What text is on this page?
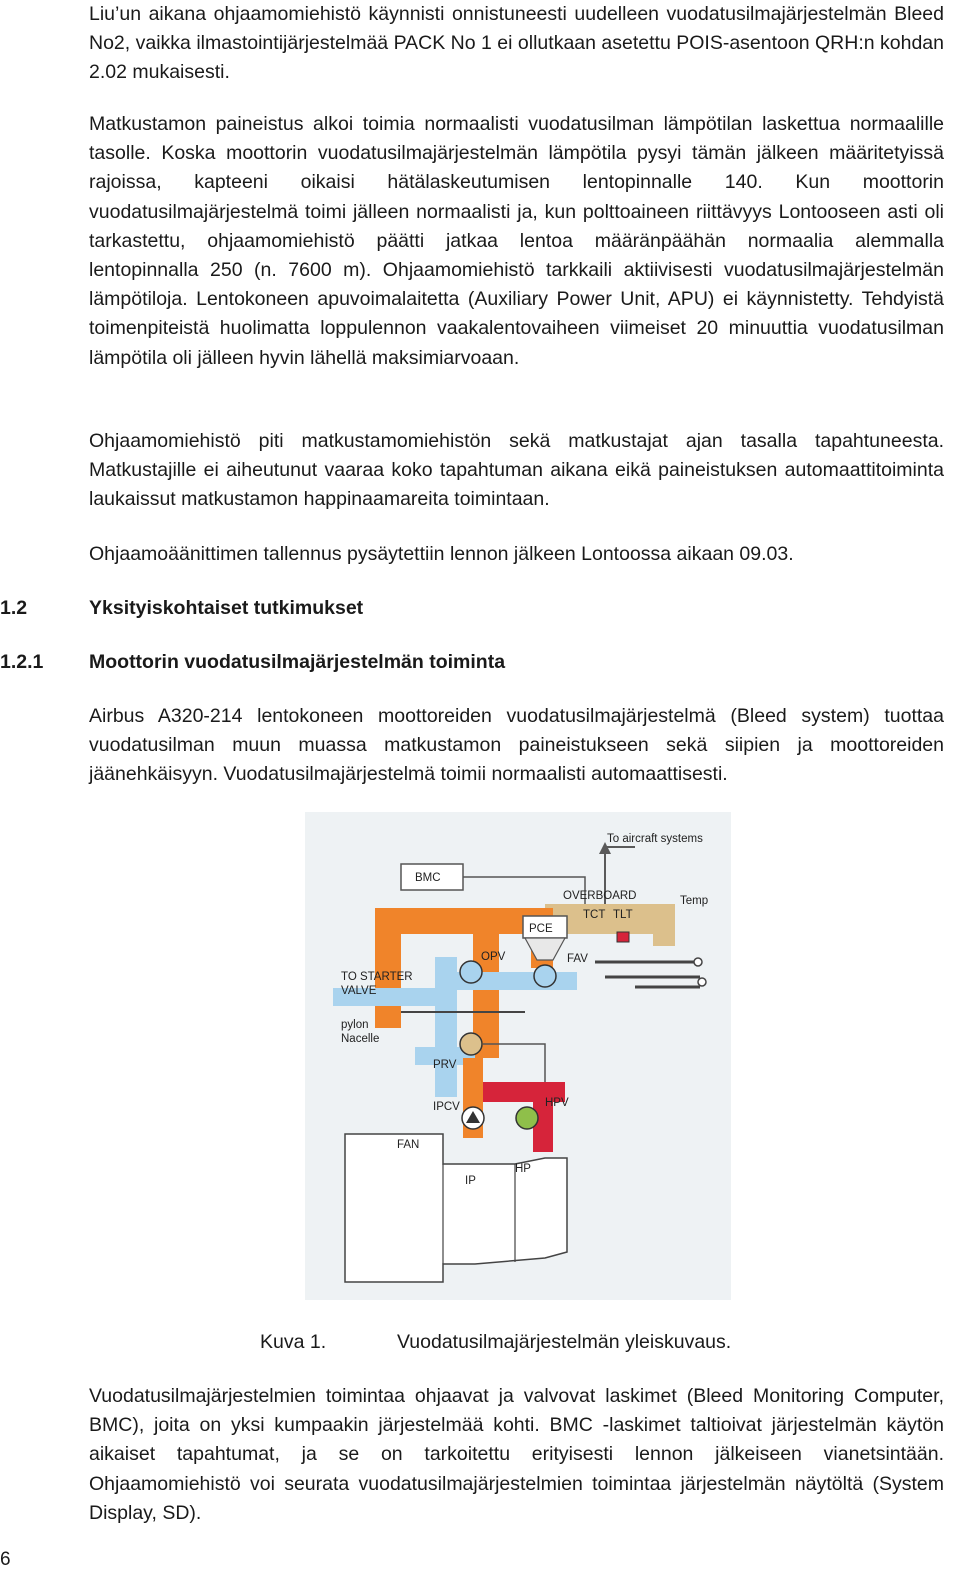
Liu’un aikana ohjaamomiehistö käynnisti onnistuneesti uudelleen vuodatusilmajärjestelmän Bleed No2, vaikka ilmastointijärjestelmää PACK No 1 ei ollutkaan asetettu POIS-asentoon QRH:n kohdan 2.02 mukaisesti.

Matkustamon paineistus alkoi toimia normaalisti vuodatusilman lämpötilan laskettua normaalille tasolle. Koska moottorin vuodatusilmajärjestelmän lämpötila pysyi tämän jälkeen määritetyissä rajoissa, kapteeni oikaisi hätälaskeutumisen lentopinnalle 140. Kun moottorin vuodatusilmajärjestelmä toimi jälleen normaalisti ja, kun polttoaineen riittävyys Lontooseen asti oli tarkastettu, ohjaamomiehistö päätti jatkaa lentoa määränpäähän normaalia alemmalla lentopinnalla 250 (n. 7600 m). Ohjaamomiehistö tarkkaili aktiivisesti vuodatusilmajärjestelmän lämpötiloja. Lentokoneen apuvoimalaitetta (Auxiliary Power Unit, APU) ei käynnistetty. Tehdyistä toimenpiteistä huolimatta loppulennon vaakalentovaiheen viimeiset 20 minuuttia vuodatusilman lämpötila oli jälleen hyvin lähellä maksimiarvoaan.

Ohjaamomiehistö piti matkustamomiehistön sekä matkustajat ajan tasalla tapahtuneesta. Matkustajille ei aiheutunut vaaraa koko tapahtuman aikana eikä paineistuksen automaattitoiminta laukaissut matkustamon happinaamareita toimintaan.

Ohjaamoäänittimen tallennus pysäytettiin lennon jälkeen Lontoossa aikaan 09.03.

1.2	Yksityiskohtaiset tutkimukset
1.2.1 Moottorin vuodatusilmajärjestelmän toiminta

Airbus A320-214 lentokoneen moottoreiden vuodatusilmajärjestelmä (Bleed system) tuottaa vuodatusilman muun muassa matkustamon paineistukseen sekä siipien ja moottoreiden jäänehkäisyyn. Vuodatusilmajärjestelmä toimii normaalisti automaattisesti.

To aircraft systems
BMC
Temp
PCE
OVERBOARD
TCT TLT
OPV	FAV
TO STARTER
VALVE
pylon
Nacelle
PRV
IPCV	HPV
FAN
IP
HP
Kuva 1.	Vuodatusilmajärjestelmän yleiskuvaus.

Vuodatusilmajärjestelmien toimintaa ohjaavat ja valvovat laskimet (Bleed Monitoring Computer, BMC), joita on yksi kumpaakin järjestelmää kohti. BMC -laskimet taltioivat järjestelmän käytön aikaiset tapahtumat, ja se on tarkoitettu erityisesti lennon jälkeiseen vianetsintään. Ohjaamomiehistö voi seurata vuodatusilmajärjestelmien toimintaa järjestelmän näytöltä (System Display, SD).

6
